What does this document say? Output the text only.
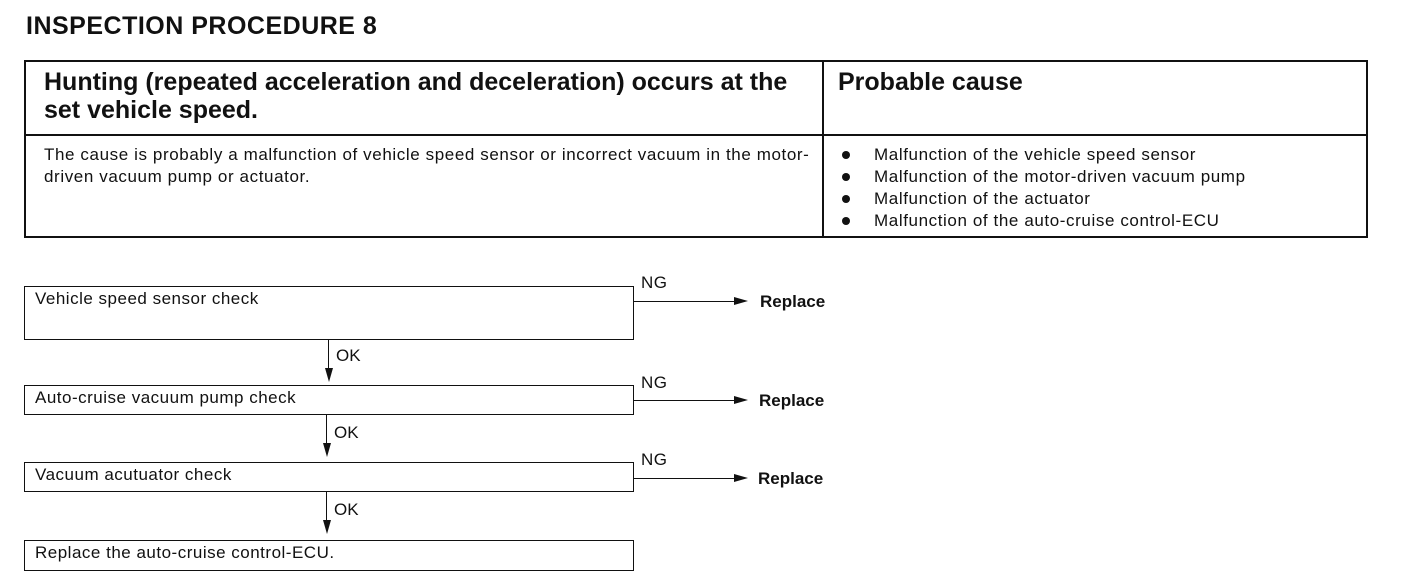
INSPECTION PROCEDURE 8
Hunting (repeated acceleration and deceleration) occurs at the set vehicle speed.
Probable cause
The cause is probably a malfunction of vehicle speed sensor or incorrect vacuum in the motor-driven vacuum pump or actuator.
Malfunction of the vehicle speed sensor
Malfunction of the motor-driven vacuum pump
Malfunction of the actuator
Malfunction of the auto-cruise control-ECU
Vehicle speed sensor check
NG
Replace
OK
Auto-cruise vacuum pump check
NG
Replace
OK
Vacuum acutuator check
NG
Replace
OK
Replace the auto-cruise control-ECU.
